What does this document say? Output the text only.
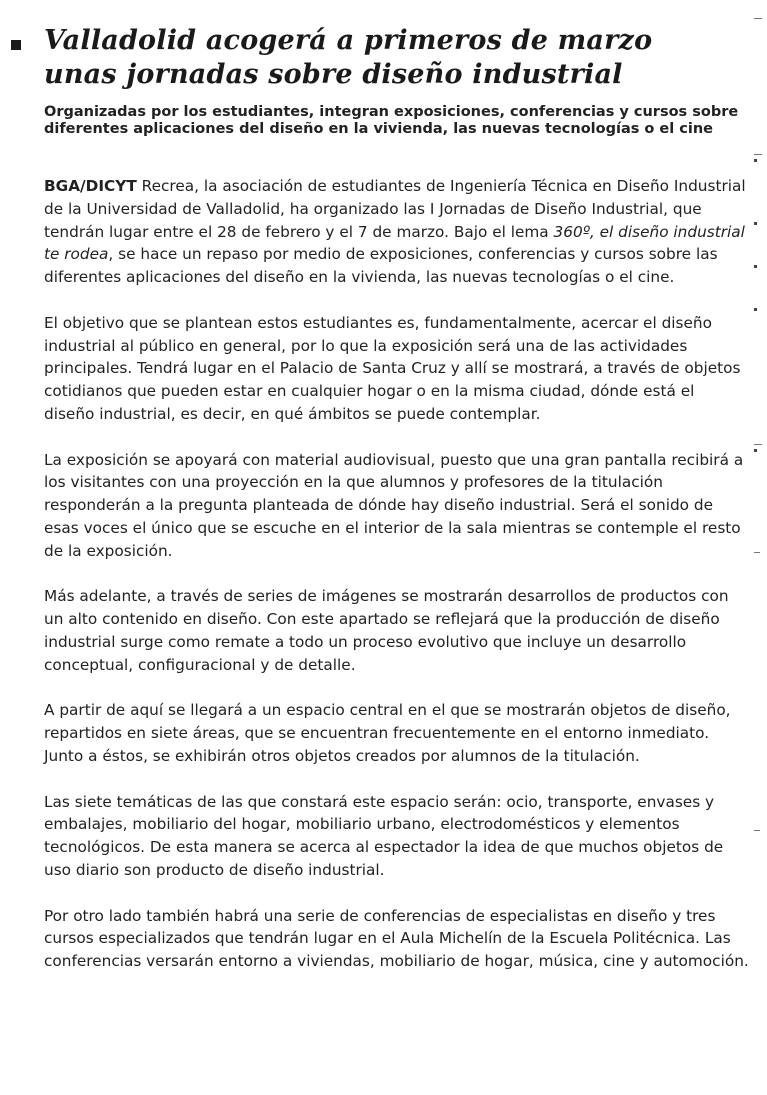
Valladolid acogerá a primeros de marzo unas jornadas sobre diseño industrial
Organizadas por los estudiantes, integran exposiciones, conferencias y cursos sobre diferentes aplicaciones del diseño en la vivienda, las nuevas tecnologías o el cine

BGA/DICYT Recrea, la asociación de estudiantes de Ingeniería Técnica en Diseño Industrial de la Universidad de Valladolid, ha organizado las I Jornadas de Diseño Industrial, que tendrán lugar entre el 28 de febrero y el 7 de marzo. Bajo el lema 360º, el diseño industrial te rodea, se hace un repaso por medio de exposiciones, conferencias y cursos sobre las diferentes aplicaciones del diseño en la vivienda, las nuevas tecnologías o el cine.

El objetivo que se plantean estos estudiantes es, fundamentalmente, acercar el diseño industrial al público en general, por lo que la exposición será una de las actividades principales. Tendrá lugar en el Palacio de Santa Cruz y allí se mostrará, a través de objetos cotidianos que pueden estar en cualquier hogar o en la misma ciudad, dónde está el diseño industrial, es decir, en qué ámbitos se puede contemplar.

La exposición se apoyará con material audiovisual, puesto que una gran pantalla recibirá a los visitantes con una proyección en la que alumnos y profesores de la titulación responderán a la pregunta planteada de dónde hay diseño industrial. Será el sonido de esas voces el único que se escuche en el interior de la sala mientras se contemple el resto de la exposición.

Más adelante, a través de series de imágenes se mostrarán desarrollos de productos con un alto contenido en diseño. Con este apartado se reflejará que la producción de diseño industrial surge como remate a todo un proceso evolutivo que incluye un desarrollo conceptual, configuracional y de detalle.

A partir de aquí se llegará a un espacio central en el que se mostrarán objetos de diseño, repartidos en siete áreas, que se encuentran frecuentemente en el entorno inmediato. Junto a éstos, se exhibirán otros objetos creados por alumnos de la titulación.

Las siete temáticas de las que constará este espacio serán: ocio, transporte, envases y embalajes, mobiliario del hogar, mobiliario urbano, electrodomésticos y elementos tecnológicos. De esta manera se acerca al espectador la idea de que muchos objetos de uso diario son producto de diseño industrial.

Por otro lado también habrá una serie de conferencias de especialistas en diseño y tres cursos especializados que tendrán lugar en el Aula Michelín de la Escuela Politécnica. Las conferencias versarán entorno a viviendas, mobiliario de hogar, música, cine y automoción.
